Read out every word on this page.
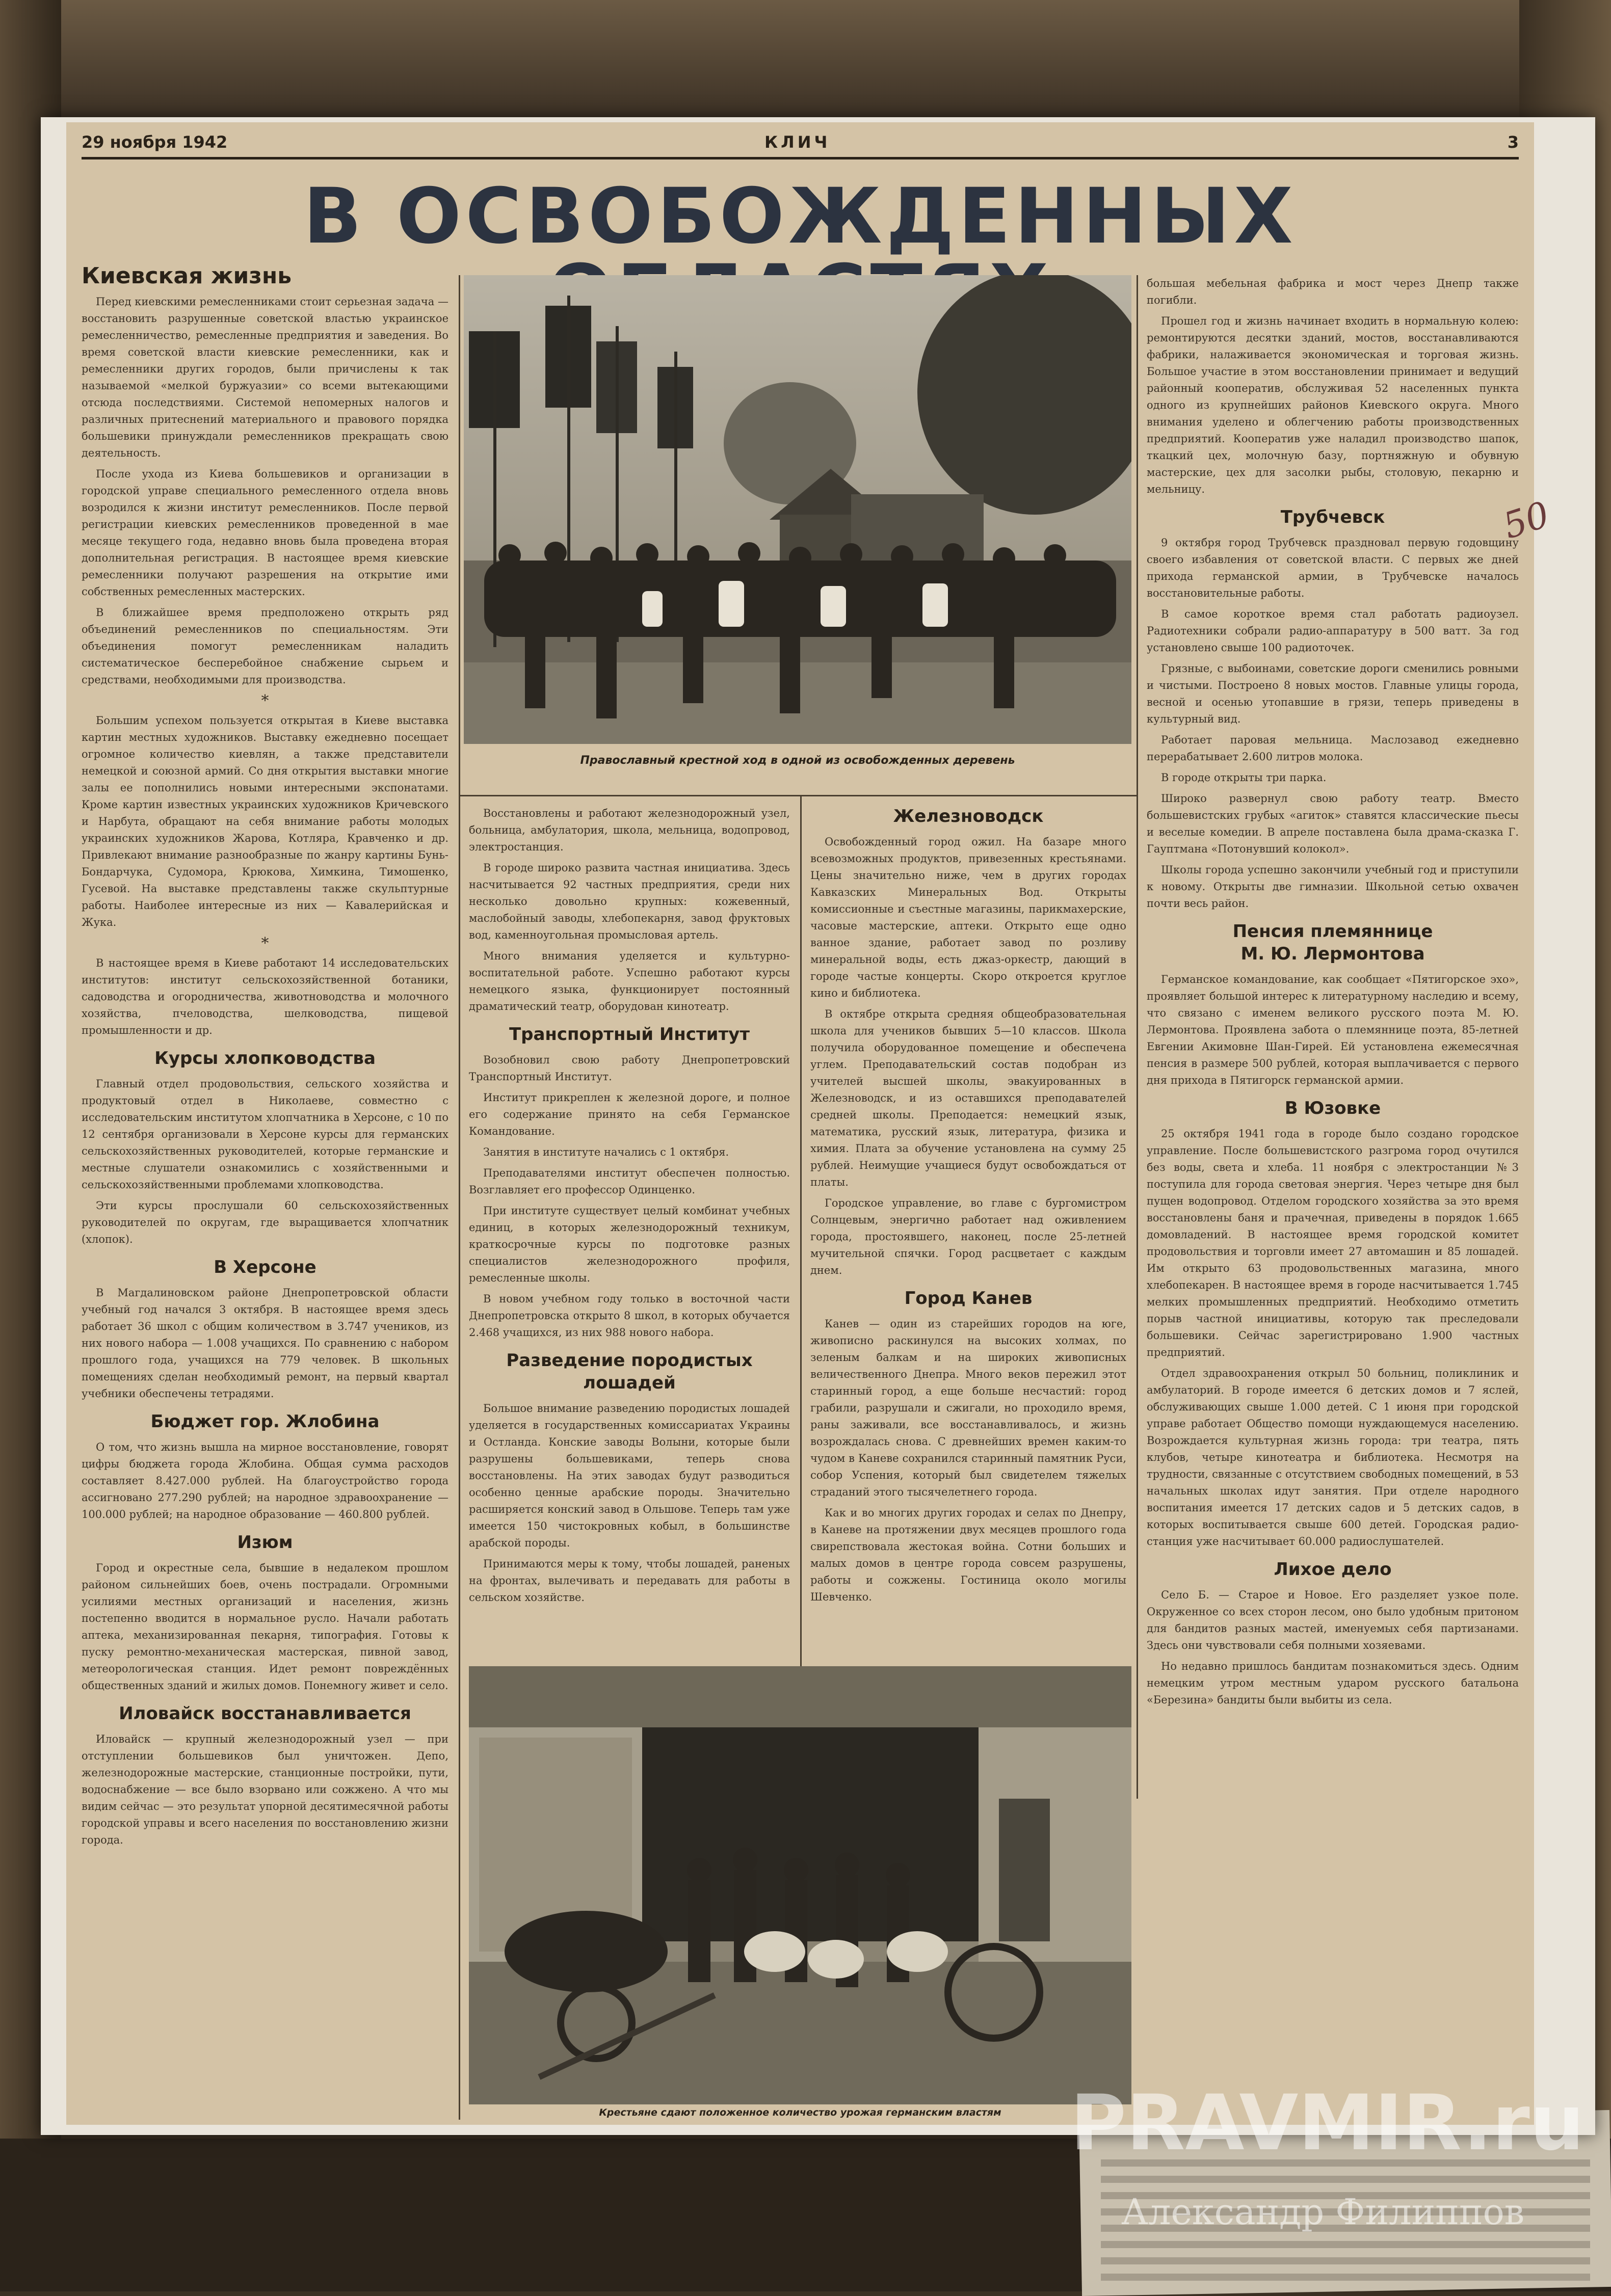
29 ноября 1942	КЛИЧ	3
В ОСВОБОЖДЕННЫХ
Киевская жизнь

Перед киевскими ремесленниками стоит серьезная задача — восстановить разрушенные советской властью украинское ремесленничество, ремесленные предприятия и заведения. Во время советской власти киевские ремесленники, как и ремесленники других городов, были причислены к так называемой «мелкой буржуазии» со всеми вытекающими отсюда последствиями. Системой непомерных налогов и различных притеснений материального и правового порядка большевики принуждали ремесленников прекращать свою деятельность.

После ухода из Киева большевиков и организации в городской управе специального ремесленного отдела вновь возродился к жизни институт ремесленников. После первой регистрации киевских ремесленников проведенной в мае месяце текущего года, недавно вновь была проведена вторая дополнительная регистрация. В настоящее время киевские ремесленники получают разрешения на открытие ими собственных ремесленных мастерских.

В ближайшее время предположено открыть ряд объединений ремесленников по специальностям. Эти объединения помогут ремесленникам наладить систематическое бесперебойное снабжение сырьем и средствами, необходимыми для производства.

*

Большим успехом пользуется открытая в Киеве выставка картин местных художников. Выставку ежедневно посещает огромное количество киевлян, а также представители немецкой и союзной армий. Со дня открытия выставки многие залы ее пополнились новыми интересными экспонатами. Кроме картин известных украинских художников Кричевского и Нарбута, обращают на себя внимание работы молодых украинских художников Жарова, Котляра, Кравченко и др. Привлекают внимание разнообразные по жанру картины Бунь-Бондарчука, Судомора, Крюкова, Химкина, Тимошенко, Гусевой. На выставке представлены также скульптурные работы. Наиболее интересные из них — Кавалерийская и Жука.

*

В настоящее время в Киеве работают 14 исследовательских институтов: институт сельскохозяйственной ботаники, садоводства и огородничества, животноводства и молочного хозяйства, пчеловодства, шелководства, пищевой промышленности и др.

Курсы хлопководства

Главный отдел продовольствия, сельского хозяйства и продуктовый отдел в Николаеве, совместно с исследовательским институтом хлопчатника в Херсоне, с 10 по 12 сентября организовали в Херсоне курсы для германских сельскохозяйственных руководителей, которые германские и местные слушатели ознакомились с хозяйственными и сельскохозяйственными проблемами хлопководства.

Эти курсы прослушали 60 сельскохозяйственных руководителей по округам, где выращивается хлопчатник (хлопок).

В Херсоне

В Магдалиновском районе Днепропетровской области учебный год начался 3 октября. В настоящее время здесь работает 36 школ с общим количеством в 3.747 учеников, из них нового набора — 1.008 учащихся. По сравнению с набором прошлого года, учащихся на 779 человек. В школьных помещениях сделан необходимый ремонт, на первый квартал учебники обеспечены тетрадями.

Бюджет гор. Жлобина

О том, что жизнь вышла на мирное восстановление, говорят цифры бюджета города Жлобина. Общая сумма расходов составляет 8.427.000 рублей. На благоустройство города ассигновано 277.290 рублей; на народное здравоохранение — 100.000 рублей; на народное образование — 460.800 рублей.

Изюм

Город и окрестные села, бывшие в недалеком прошлом районом сильнейших боев, очень пострадали. Огромными усилиями местных организаций и населения, жизнь постепенно вводится в нормальное русло. Начали работать аптека, механизированная пекарня, типография. Готовы к пуску ремонтно-механическая мастерская, пивной завод, метеорологическая станция. Идет ремонт повреждённых общественных зданий и жилых домов. Понемногу живет и село.

Иловайск восстанавливается

Иловайск — крупный железнодорожный узел — при отступлении большевиков был уничтожен. Депо, железнодорожные мастерские, станционные постройки, пути, водоснабжение — все было взорвано или сожжено. А что мы видим сейчас — это результат упорной десятимесячной работы городской управы и всего населения по восстановлению жизни города.

Православный крестной ход в одной из освобожденных деревень

Восстановлены и работают железнодорожный узел, больница, амбулатория, школа, мельница, водопровод, электростанция.

В городе широко развита частная инициатива. Здесь насчитывается 92 частных предприятия, среди них несколько довольно крупных: кожевенный, маслобойный заводы, хлебопекарня, завод фруктовых вод, каменноугольная промысловая артель.

Много внимания уделяется и культурно-воспитательной работе. Успешно работают курсы немецкого языка, функционирует постоянный драматический театр, оборудован кинотеатр.

Транспортный Институт

Возобновил свою работу Днепропетровский Транспортный Институт.

Институт прикреплен к железной дороге, и полное его содержание принято на себя Германское Командование.

Занятия в институте начались с 1 октября.

Преподавателями институт обеспечен полностью. Возглавляет его профессор Одинценко.

При институте существует целый комбинат учебных единиц, в которых железнодорожный техникум, краткосрочные курсы по подготовке разных специалистов железнодорожного профиля, ремесленные школы.

В новом учебном году только в восточной части Днепропетровска открыто 8 школ, в которых обучается 2.468 учащихся, из них 988 нового набора.

Разведение породистых лошадей

Большое внимание разведению породистых лошадей уделяется в государственных комиссариатах Украины и Остланда. Конские заводы Волыни, которые были разрушены большевиками, теперь снова восстановлены. На этих заводах будут разводиться особенно ценные арабские породы. Значительно расширяется конский завод в Ольшове. Теперь там уже имеется 150 чистокровных кобыл, в большинстве арабской породы.

Принимаются меры к тому, чтобы лошадей, раненых на фронтах, вылечивать и передавать для работы в сельском хозяйстве.

Железноводск

Освобожденный город ожил. На базаре много всевозможных продуктов, привезенных крестьянами. Цены значительно ниже, чем в других городах Кавказских Минеральных Вод. Открыты комиссионные и съестные магазины, парикмахерские, часовые мастерские, аптеки. Открыто еще одно ванное здание, работает завод по розливу минеральной воды, есть джаз-оркестр, дающий в городе частые концерты. Скоро откроется круглое кино и библиотека.

В октябре открыта средняя общеобразовательная школа для учеников бывших 5—10 классов. Школа получила оборудованное помещение и обеспечена углем. Преподавательский состав подобран из учителей высшей школы, эвакуированных в Железноводск, и из оставшихся преподавателей средней школы. Преподается: немецкий язык, математика, русский язык, литература, физика и химия. Плата за обучение установлена на сумму 25 рублей. Неимущие учащиеся будут освобождаться от платы.

Городское управление, во главе с бургомистром Солнцевым, энергично работает над оживлением города, простоявшего, наконец, после 25-летней мучительной спячки. Город расцветает с каждым днем.

Город Канев

Канев — один из старейших городов на юге, живописно раскинулся на высоких холмах, по зеленым балкам и на широких живописных величественного Днепра. Много веков пережил этот старинный город, а еще больше несчастий: город грабили, разрушали и сжигали, но проходило время, раны заживали, все восстанавливалось, и жизнь возрождалась снова. С древнейших времен каким-то чудом в Каневе сохранился старинный памятник Руси, собор Успения, который был свидетелем тяжелых страданий этого тысячелетнего города.

Как и во многих других городах и селах по Днепру, в Каневе на протяжении двух месяцев прошлого года свирепствовала жестокая война. Сотни больших и малых домов в центре города совсем разрушены, работы и сожжены. Гостиница около могилы Шевченко.

Крестьяне сдают положенное количество урожая германским властям

большая мебельная фабрика и мост через Днепр также погибли.

Прошел год и жизнь начинает входить в нормальную колею: ремонтируются десятки зданий, мостов, восстанавливаются фабрики, налаживается экономическая и торговая жизнь. Большое участие в этом восстановлении принимает и ведущий районный кооператив, обслуживая 52 населенных пункта одного из крупнейших районов Киевского округа. Много внимания уделено и облегчению работы производственных предприятий. Кооператив уже наладил производство шапок, ткацкий цех, молочную базу, портняжную и обувную мастерские, цех для засолки рыбы, столовую, пекарню и мельницу.

Трубчевск

9 октября город Трубчевск праздновал первую годовщину своего избавления от советской власти. С первых же дней прихода германской армии, в Трубчевске началось восстановительные работы.

В самое короткое время стал работать радиоузел. Радиотехники собрали радио-аппаратуру в 500 ватт. За год установлено свыше 100 радиоточек.

Грязные, с выбоинами, советские дороги сменились ровными и чистыми. Построено 8 новых мостов. Главные улицы города, весной и осенью утопавшие в грязи, теперь приведены в культурный вид.

Работает паровая мельница. Маслозавод ежедневно перерабатывает 2.600 литров молока.

В городе открыты три парка.

Широко развернул свою работу театр. Вместо большевистских грубых «агиток» ставятся классические пьесы и веселые комедии. В апреле поставлена была драма-сказка Г. Гауптмана «Потонувший колокол».

Школы города успешно закончили учебный год и приступили к новому. Открыты две гимназии. Школьной сетью охвачен почти весь район.

Пенсия племяннице
М. Ю. Лермонтова

Германское командование, как сообщает «Пятигорское эхо», проявляет большой интерес к литературному наследию и всему, что связано с именем великого русского поэта М. Ю. Лермонтова. Проявлена забота о племяннице поэта, 85-летней Евгении Акимовне Шан-Гирей. Ей установлена ежемесячная пенсия в размере 500 рублей, которая выплачивается с первого дня прихода в Пятигорск германской армии.

В Юзовке

25 октября 1941 года в городе было создано городское управление. После большевистского разгрома город очутился без воды, света и хлеба. 11 ноября с электростанции №3 поступила для города световая энергия. Через четыре дня был пущен водопровод. Отделом городского хозяйства за это время восстановлены баня и прачечная, приведены в порядок 1.665 домовладений. В настоящее время городской комитет продовольствия и торговли имеет 27 автомашин и 85 лошадей. Им открыто 63 продовольственных магазина, много хлебопекарен. В настоящее время в городе насчитывается 1.745 мелких промышленных предприятий. Необходимо отметить порыв частной инициативы, которую так преследовали большевики. Сейчас зарегистрировано 1.900 частных предприятий.

Отдел здравоохранения открыл 50 больниц, поликлиник и амбулаторий. В городе имеется 6 детских домов и 7 яслей, обслуживающих свыше 1.000 детей. С 1 июня при городской управе работает Общество помощи нуждающемуся населению. Возрождается культурная жизнь города: три театра, пять клубов, четыре кинотеатра и библиотека. Несмотря на трудности, связанные с отсутствием свободных помещений, в 53 начальных школах идут занятия. При отделе народного воспитания имеется 17 детских садов и 5 детских садов, в которых воспитывается свыше 600 детей. Городская радио-станция уже насчитывает 60.000 радиослушателей.

Лихое дело

Село Б. — Старое и Новое. Его разделяет узкое поле. Окруженное со всех сторон лесом, оно было удобным притоном для бандитов разных мастей, именуемых себя партизанами. Здесь они чувствовали себя полными хозяевами.

Но недавно пришлось бандитам познакомиться здесь. Одним немецким утром местным ударом русского батальона «Березина» бандиты были выбиты из села.

50
PRAVMIR.ru
Александр Филиппов
